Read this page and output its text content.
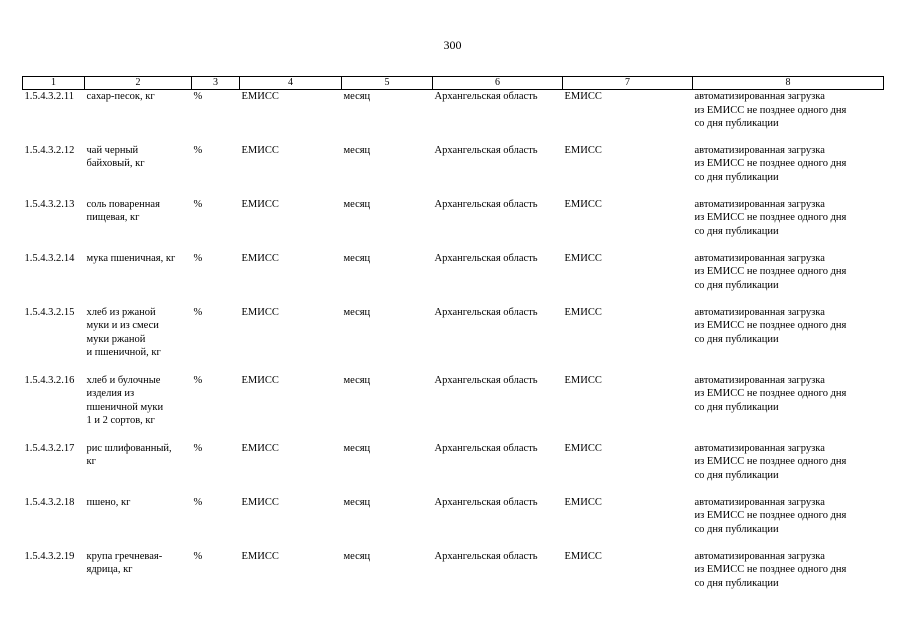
300
1	2	3	4	5	6	7	8
1.5.4.3.2.11	сахар-песок, кг	%	ЕМИСС	месяц	Архангельская область	ЕМИСС	автоматизированная загрузка
из ЕМИСС не позднее одного дня
со дня публикации
1.5.4.3.2.12	чай черный
байховый, кг	%	ЕМИСС	месяц	Архангельская область	ЕМИСС	автоматизированная загрузка
из ЕМИСС не позднее одного дня
со дня публикации
1.5.4.3.2.13	соль поваренная
пищевая, кг	%	ЕМИСС	месяц	Архангельская область	ЕМИСС	автоматизированная загрузка
из ЕМИСС не позднее одного дня
со дня публикации
1.5.4.3.2.14	мука пшеничная, кг	%	ЕМИСС	месяц	Архангельская область	ЕМИСС	автоматизированная загрузка
из ЕМИСС не позднее одного дня
со дня публикации
1.5.4.3.2.15	хлеб из ржаной
муки и из смеси
муки ржаной
и пшеничной, кг	%	ЕМИСС	месяц	Архангельская область	ЕМИСС	автоматизированная загрузка
из ЕМИСС не позднее одного дня
со дня публикации
1.5.4.3.2.16	хлеб и булочные
изделия из
пшеничной муки
1 и 2 сортов, кг	%	ЕМИСС	месяц	Архангельская область	ЕМИСС	автоматизированная загрузка
из ЕМИСС не позднее одного дня
со дня публикации
1.5.4.3.2.17	рис шлифованный,
кг	%	ЕМИСС	месяц	Архангельская область	ЕМИСС	автоматизированная загрузка
из ЕМИСС не позднее одного дня
со дня публикации
1.5.4.3.2.18	пшено, кг	%	ЕМИСС	месяц	Архангельская область	ЕМИСС	автоматизированная загрузка
из ЕМИСС не позднее одного дня
со дня публикации
1.5.4.3.2.19	крупа гречневая-
ядрица, кг	%	ЕМИСС	месяц	Архангельская область	ЕМИСС	автоматизированная загрузка
из ЕМИСС не позднее одного дня
со дня публикации
